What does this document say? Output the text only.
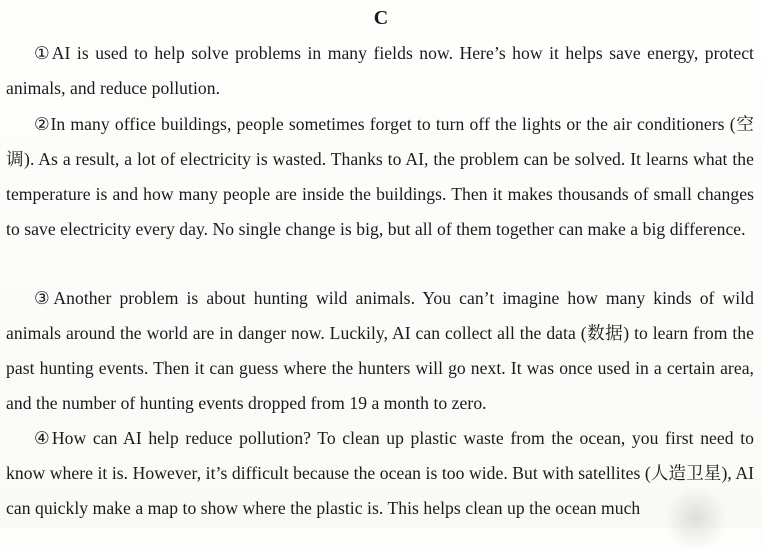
C

①AI is used to help solve problems in many fields now. Here’s how it helps save energy, protect animals, and reduce pollution.

②In many office buildings, people sometimes forget to turn off the lights or the air conditioners (空调). As a result, a lot of electricity is wasted. Thanks to AI, the problem can be solved. It learns what the temperature is and how many people are inside the buildings. Then it makes thousands of small changes to save electricity every day. No single change is big, but all of them together can make a big difference.

③Another problem is about hunting wild animals. You can’t imagine how many kinds of wild animals around the world are in danger now. Luckily, AI can collect all the data (数据) to learn from the past hunting events. Then it can guess where the hunters will go next. It was once used in a certain area, and the number of hunting events dropped from 19 a month to zero.

④How can AI help reduce pollution? To clean up plastic waste from the ocean, you first need to know where it is. However, it’s difficult because the ocean is too wide. But with satellites (人造卫星), AI can quickly make a map to show where the plastic is. This helps clean up the ocean much
